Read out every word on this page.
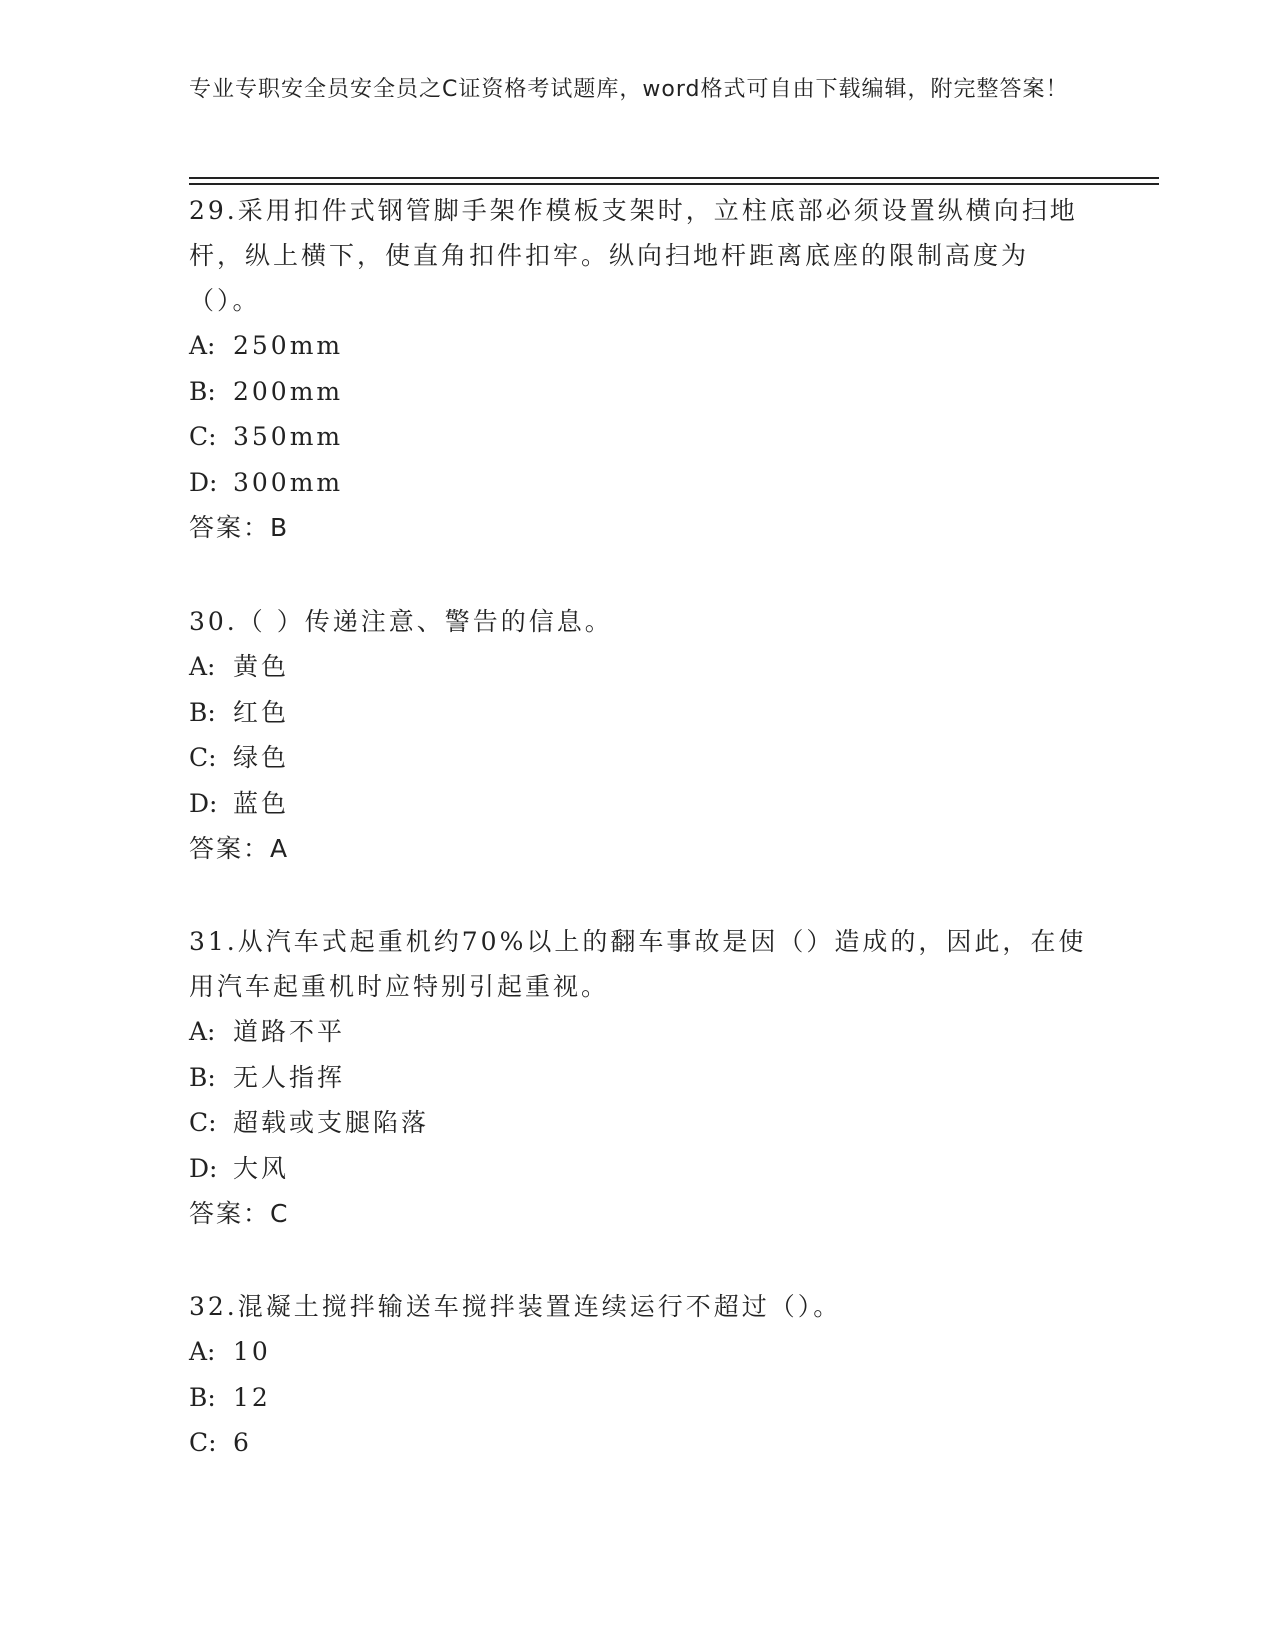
专业专职安全员安全员之C证资格考试题库，word格式可自由下载编辑，附完整答案！

29.采用扣件式钢管脚手架作模板支架时，立柱底部必须设置纵横向扫地杆，纵上横下，使直角扣件扣牢。纵向扫地杆距离底座的限制高度为（）。

A: 250mm

B: 200mm

C: 350mm

D: 300mm

答案：B

30.（ ）传递注意、警告的信息。

A: 黄色

B: 红色

C: 绿色

D: 蓝色

答案：A

31.从汽车式起重机约70%以上的翻车事故是因（）造成的，因此，在使用汽车起重机时应特别引起重视。

A: 道路不平

B: 无人指挥

C: 超载或支腿陷落

D: 大风

答案：C

32.混凝土搅拌输送车搅拌装置连续运行不超过（）。

A: 10

B: 12

C: 6
